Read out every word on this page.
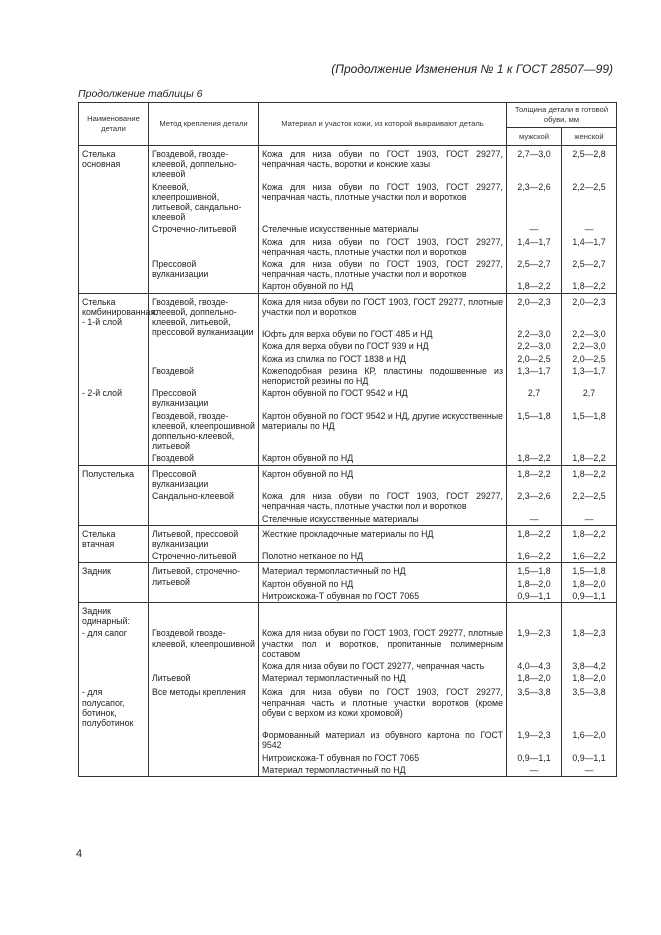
(Продолжение Изменения № 1 к ГОСТ 28507—99)
Продолжение таблицы 6
Наименование детали	Метод крепления детали	Материал и участок кожи, из которой выкраивают деталь	Толщина детали в готовой обуви, мм	
			мужской	женской
Стелька основная	Гвоздевой, гвозде-клеевой, доппельно-клеевой	Кожа для низа обуви по ГОСТ 1903, ГОСТ 29277, чепрачная часть, воротки и конские хазы	2,7—3,0	2,5—2,8
	Клеевой, клеепрошивной, литьевой, сандально-клеевой	Кожа для низа обуви по ГОСТ 1903, ГОСТ 29277, чепрачная часть, плотные участки пол и воротков	2,3—2,6	2,2—2,5
	Строчечно-литьевой	Стелечные искусственные материалы	—	—
		Кожа для низа обуви по ГОСТ 1903, ГОСТ 29277, чепрачная часть, плотные участки пол и воротков	1,4—1,7	1,4—1,7
	Прессовой вулканизации	Кожа для низа обуви по ГОСТ 1903, ГОСТ 29277, чепрачная часть, плотные участки пол и воротков	2,5—2,7	2,5—2,7
		Картон обувной по НД	1,8—2,2	1,8—2,2
Стелька комбинированная: - 1-й слой	Гвоздевой, гвозде-клеевой, доппельно-клеевой, литьевой, прессовой вулканизации	Кожа для низа обуви по ГОСТ 1903, ГОСТ 29277, плотные участки пол и воротков	2,0—2,3	2,0—2,3
		Юфть для верха обуви по ГОСТ 485 и НД	2,2—3,0	2,2—3,0
		Кожа для верха обуви по ГОСТ 939 и НД	2,2—3,0	2,2—3,0
		Кожа из спилка по ГОСТ 1838 и НД	2,0—2,5	2,0—2,5
	Гвоздевой	Кожеподобная резина КР, пластины подошвенные из непористой резины по НД	1,3—1,7	1,3—1,7
- 2-й слой	Прессовой вулканизации	Картон обувной по ГОСТ 9542 и НД	2,7	2,7
	Гвоздевой, гвозде-клеевой, клеепрошивной доппельно-клеевой, литьевой	Картон обувной по ГОСТ 9542 и НД, другие искусственные материалы по НД	1,5—1,8	1,5—1,8
	Гвоздевой	Картон обувной по НД	1,8—2,2	1,8—2,2
Полустелька	Прессовой вулканизации	Картон обувной по НД	1,8—2,2	1,8—2,2
	Сандально-клеевой	Кожа для низа обуви по ГОСТ 1903, ГОСТ 29277, чепрачная часть, плотные участки пол и воротков	2,3—2,6	2,2—2,5
		Стелечные искусственные материалы	—	—
Стелька втачная	Литьевой, прессовой вулканизации	Жесткие прокладочные материалы по НД	1,8—2,2	1,8—2,2
	Строчечно-литьевой	Полотно нетканое по НД	1,6—2,2	1,6—2,2
Задник	Литьевой, строчечно-литьевой	Материал термопластичный по НД	1,5—1,8	1,5—1,8
		Картон обувной по НД	1,8—2,0	1,8—2,0
		Нитроискожа-Т обувная по ГОСТ 7065	0,9—1,1	0,9—1,1
Задник одинарный:				
- для сапог	Гвоздевой гвозде-клеевой, клеепрошивной	Кожа для низа обуви по ГОСТ 1903, ГОСТ 29277, плотные участки пол и воротков, пропитанные полимерным составом	1,9—2,3	1,8—2,3
		Кожа для низа обуви по ГОСТ 29277, чепрачная часть	4,0—4,3	3,8—4,2
	Литьевой	Материал термопластичный по НД	1,8—2,0	1,8—2,0
- для полусапог, ботинок, полуботинок	Все методы крепления	Кожа для низа обуви по ГОСТ 1903, ГОСТ 29277, чепрачная часть и плотные участки воротков (кроме обуви с верхом из кожи хромовой)	3,5—3,8	3,5—3,8
		Формованный материал из обувного картона по ГОСТ 9542	1,9—2,3	1,6—2,0
		Нитроискожа-Т обувная по ГОСТ 7065	0,9—1,1	0,9—1,1
		Материал термопластичный по НД	—	—
4
